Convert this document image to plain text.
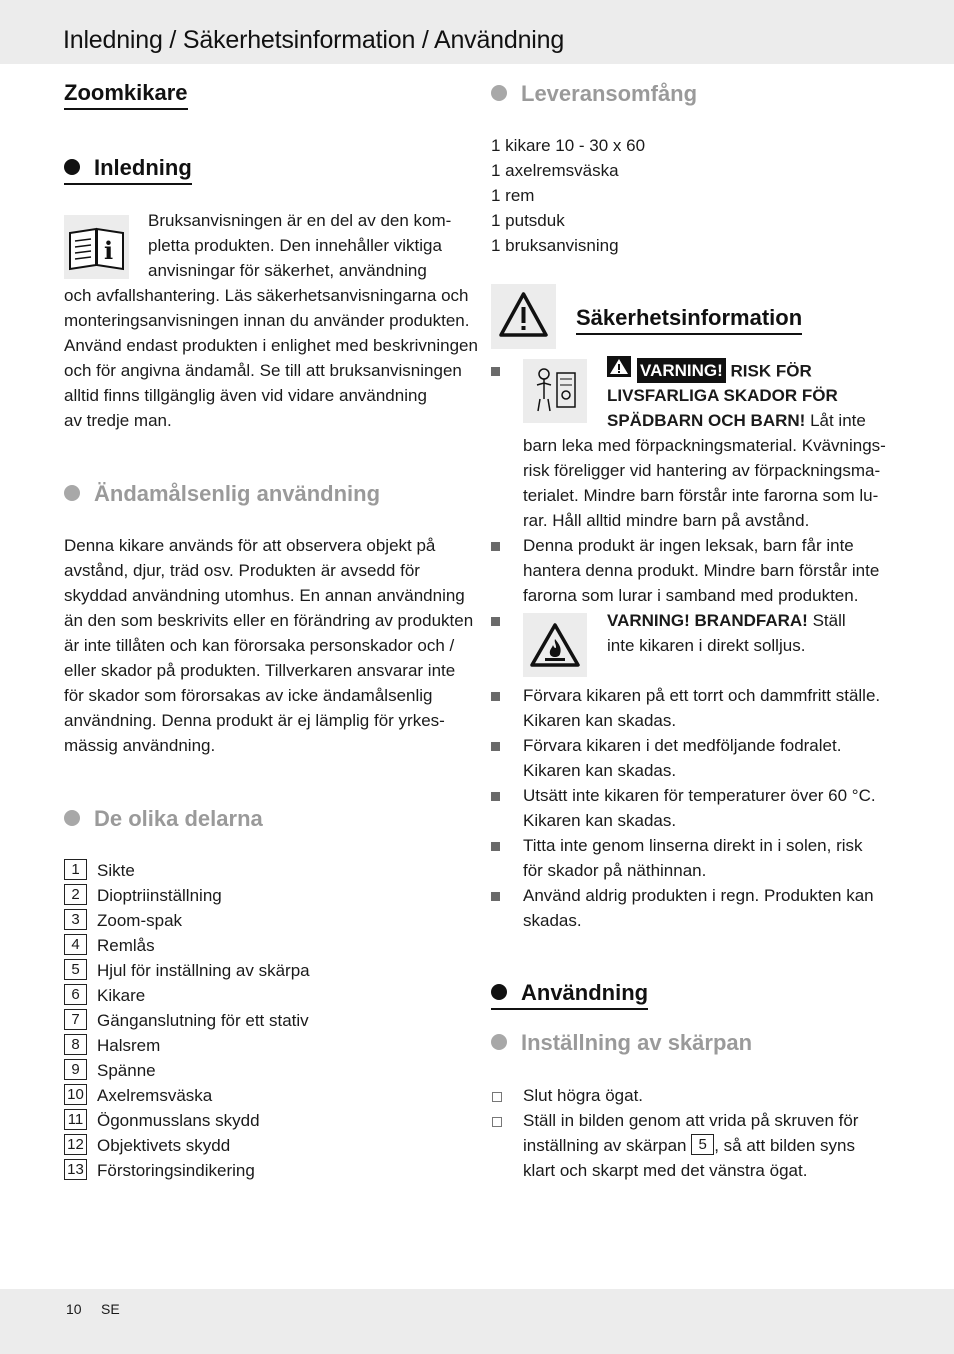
Inledning / Säkerhetsinformation / Användning
Zoomkikare
Inledning
i
Bruksanvisningen är en del av den kom-
pletta produkten. Den innehåller viktiga
anvisningar för säkerhet, användning
och avfallshantering. Läs säkerhetsanvisningarna och
monteringsanvisningen innan du använder produkten.
Använd endast produkten i enlighet med beskrivningen
och för angivna ändamål. Se till att bruksanvisningen
alltid finns tillgänglig även vid vidare användning
av tredje man.
Ändamålsenlig användning
Denna kikare används för att observera objekt på
avstånd, djur, träd osv. Produkten är avsedd för
skyddad användning utomhus. En annan användning
än den som beskrivits eller en förändring av produkten
är inte tillåten och kan förorsaka personskador och /
eller skador på produkten. Tillverkaren ansvarar inte
för skador som förorsakas av icke ändamålsenlig
användning. Denna produkt är ej lämplig för yrkes-
mässig användning.
De olika delarna
1 Sikte
2 Dioptriinställning
3 Zoom-spak
4 Remlås
5 Hjul för inställning av skärpa
6 Kikare
7 Gänganslutning för ett stativ
8 Halsrem
9 Spänne
10 Axelremsväska
11 Ögonmusslans skydd
12 Objektivets skydd
13 Förstoringsindikering
Leveransomfång
1 kikare 10 - 30 x 60
1 axelremsväska
1 rem
1 putsduk
1 bruksanvisning
Säkerhetsinformation
VARNING! RISK FÖR
LIVSFARLIGA SKADOR FÖR
SPÄDBARN OCH BARN! Låt inte
barn leka med förpackningsmaterial. Kvävnings-
risk föreligger vid hantering av förpackningsma-
terialet. Mindre barn förstår inte farorna som lu-
rar. Håll alltid mindre barn på avstånd.
Denna produkt är ingen leksak, barn får inte
hantera denna produkt. Mindre barn förstår inte
farorna som lurar i samband med produkten.
VARNING! BRANDFARA! Ställ
inte kikaren i direkt solljus.
Förvara kikaren på ett torrt och dammfritt ställe.
Kikaren kan skadas.
Förvara kikaren i det medföljande fodralet.
Kikaren kan skadas.
Utsätt inte kikaren för temperaturer över 60 °C.
Kikaren kan skadas.
Titta inte genom linserna direkt in i solen, risk
för skador på näthinnan.
Använd aldrig produkten i regn. Produkten kan
skadas.
Användning
Inställning av skärpan
Slut högra ögat.
Ställ in bilden genom att vrida på skruven för
inställning av skärpan 5 , så att bilden syns
klart och skarpt med det vänstra ögat.
10 SE
